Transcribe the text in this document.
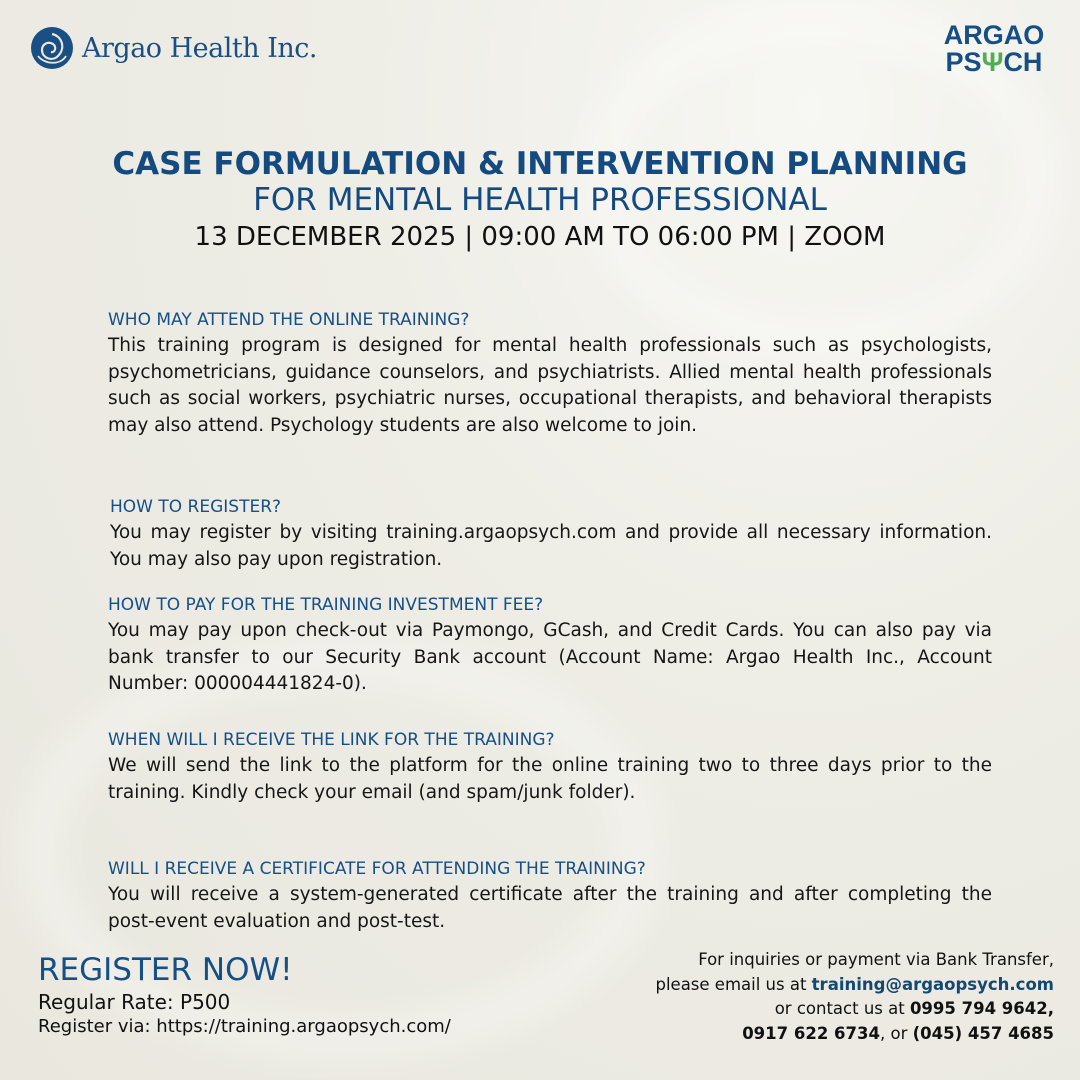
Argao Health Inc.	ARGAO
PSΨCH
CASE FORMULATION & INTERVENTION PLANNING
FOR MENTAL HEALTH PROFESSIONAL
13 DECEMBER 2025 | 09:00 AM TO 06:00 PM | ZOOM
WHO MAY ATTEND THE ONLINE TRAINING?

This training program is designed for mental health professionals such as psychologists, psychometricians, guidance counselors, and psychiatrists. Allied mental health professionals such as social workers, psychiatric nurses, occupational therapists, and behavioral therapists may also attend. Psychology students are also welcome to join.

HOW TO REGISTER?

You may register by visiting training.argaopsych.com and provide all necessary information. You may also pay upon registration.

HOW TO PAY FOR THE TRAINING INVESTMENT FEE?

You may pay upon check-out via Paymongo, GCash, and Credit Cards. You can also pay via bank transfer to our Security Bank account (Account Name: Argao Health Inc., Account Number: 000004441824-0).

WHEN WILL I RECEIVE THE LINK FOR THE TRAINING?

We will send the link to the platform for the online training two to three days prior to the training. Kindly check your email (and spam/junk folder).

WILL I RECEIVE A CERTIFICATE FOR ATTENDING THE TRAINING?

You will receive a system-generated certificate after the training and after completing the post-event evaluation and post-test.

REGISTER NOW!
Regular Rate: P500
Register via: https://training.argaopsych.com/
For inquiries or payment via Bank Transfer,
please email us at training@argaopsych.com
or contact us at 0995 794 9642,
0917 622 6734, or (045) 457 4685
